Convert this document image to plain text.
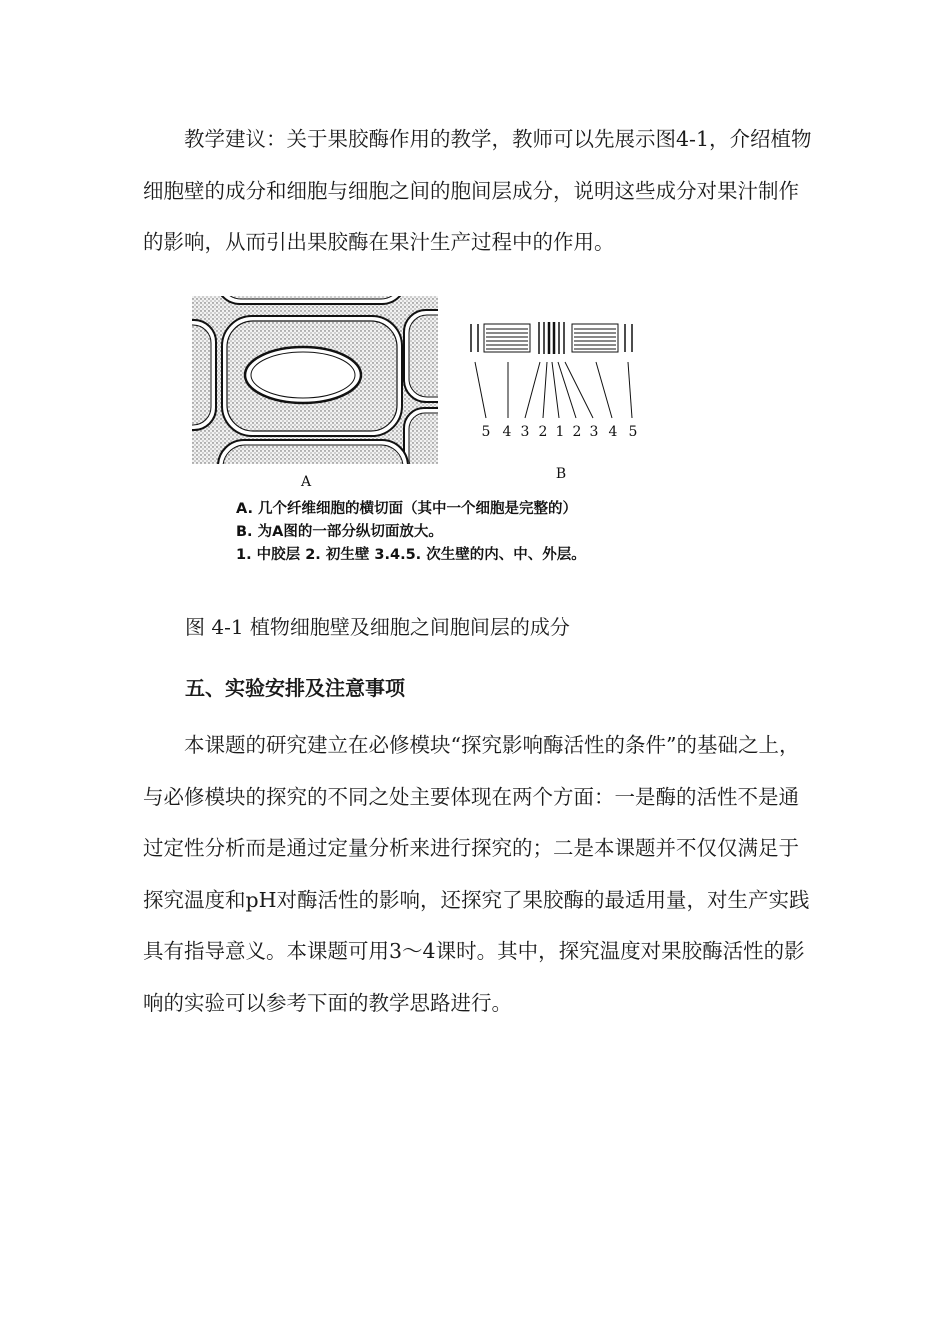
教学建议：关于果胶酶作用的教学，教师可以先展示图4-1，介绍植物细胞壁的成分和细胞与细胞之间的胞间层成分，说明这些成分对果汁制作的影响，从而引出果胶酶在果汁生产过程中的作用。

A
5 4 3 2 1 2 3 4 5
B
A. 几个纤维细胞的横切面（其中一个细胞是完整的）
B. 为A图的一部分纵切面放大。
1. 中胶层 2. 初生壁 3.4.5. 次生壁的内、中、外层。

图 4-1 植物细胞壁及细胞之间胞间层的成分

五、实验安排及注意事项

本课题的研究建立在必修模块“探究影响酶活性的条件”的基础之上，与必修模块的探究的不同之处主要体现在两个方面：一是酶的活性不是通过定性分析而是通过定量分析来进行探究的；二是本课题并不仅仅满足于探究温度和pH对酶活性的影响，还探究了果胶酶的最适用量，对生产实践具有指导意义。本课题可用3～4课时。其中，探究温度对果胶酶活性的影响的实验可以参考下面的教学思路进行。
